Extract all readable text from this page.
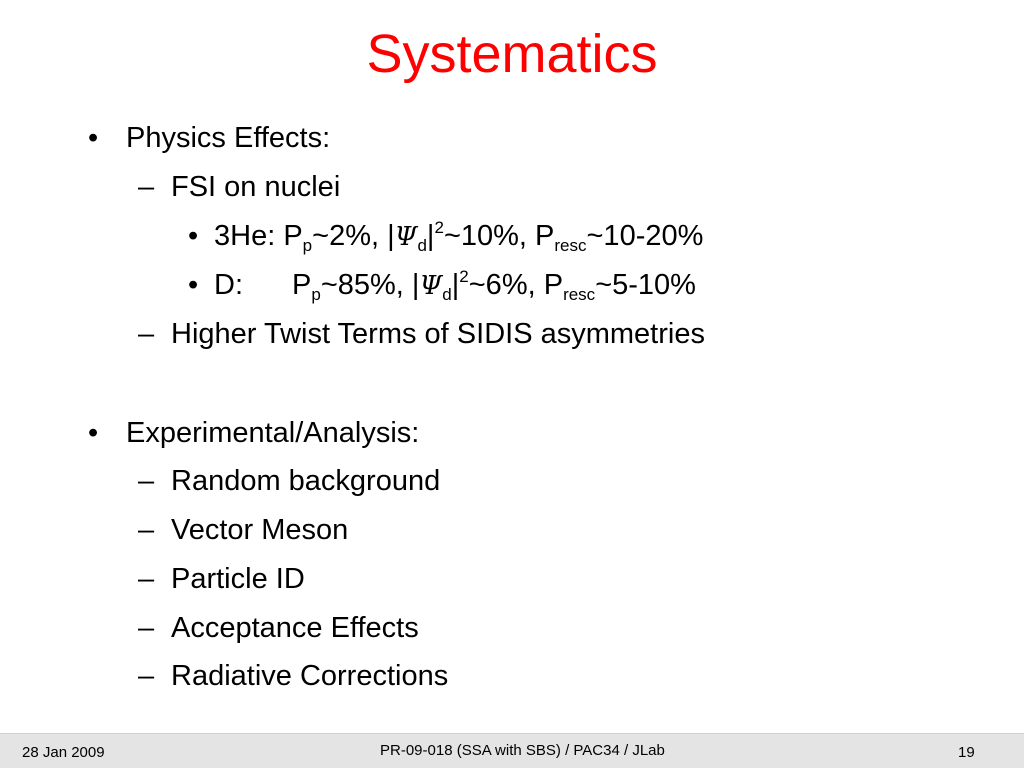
Systematics
• Physics Effects:
– FSI on nuclei
• 3He: $P_p\sim 2\%$, $|\Psi_d|^2\sim 10\%$, $P_{resc}\sim 10-20\%$
• D: $P_p\sim 85\%$, $|\Psi_d|^2\sim 6\%$, $P_{resc}\sim 5-10\%$
– Higher Twist Terms of SIDIS asymmetries
• Experimental/Analysis:
– Random background
– Vector Meson
– Particle ID
– Acceptance Effects
– Radiative Corrections
28 Jan 2009	PR-09-018 (SSA with SBS) / PAC34 / JLab	19
